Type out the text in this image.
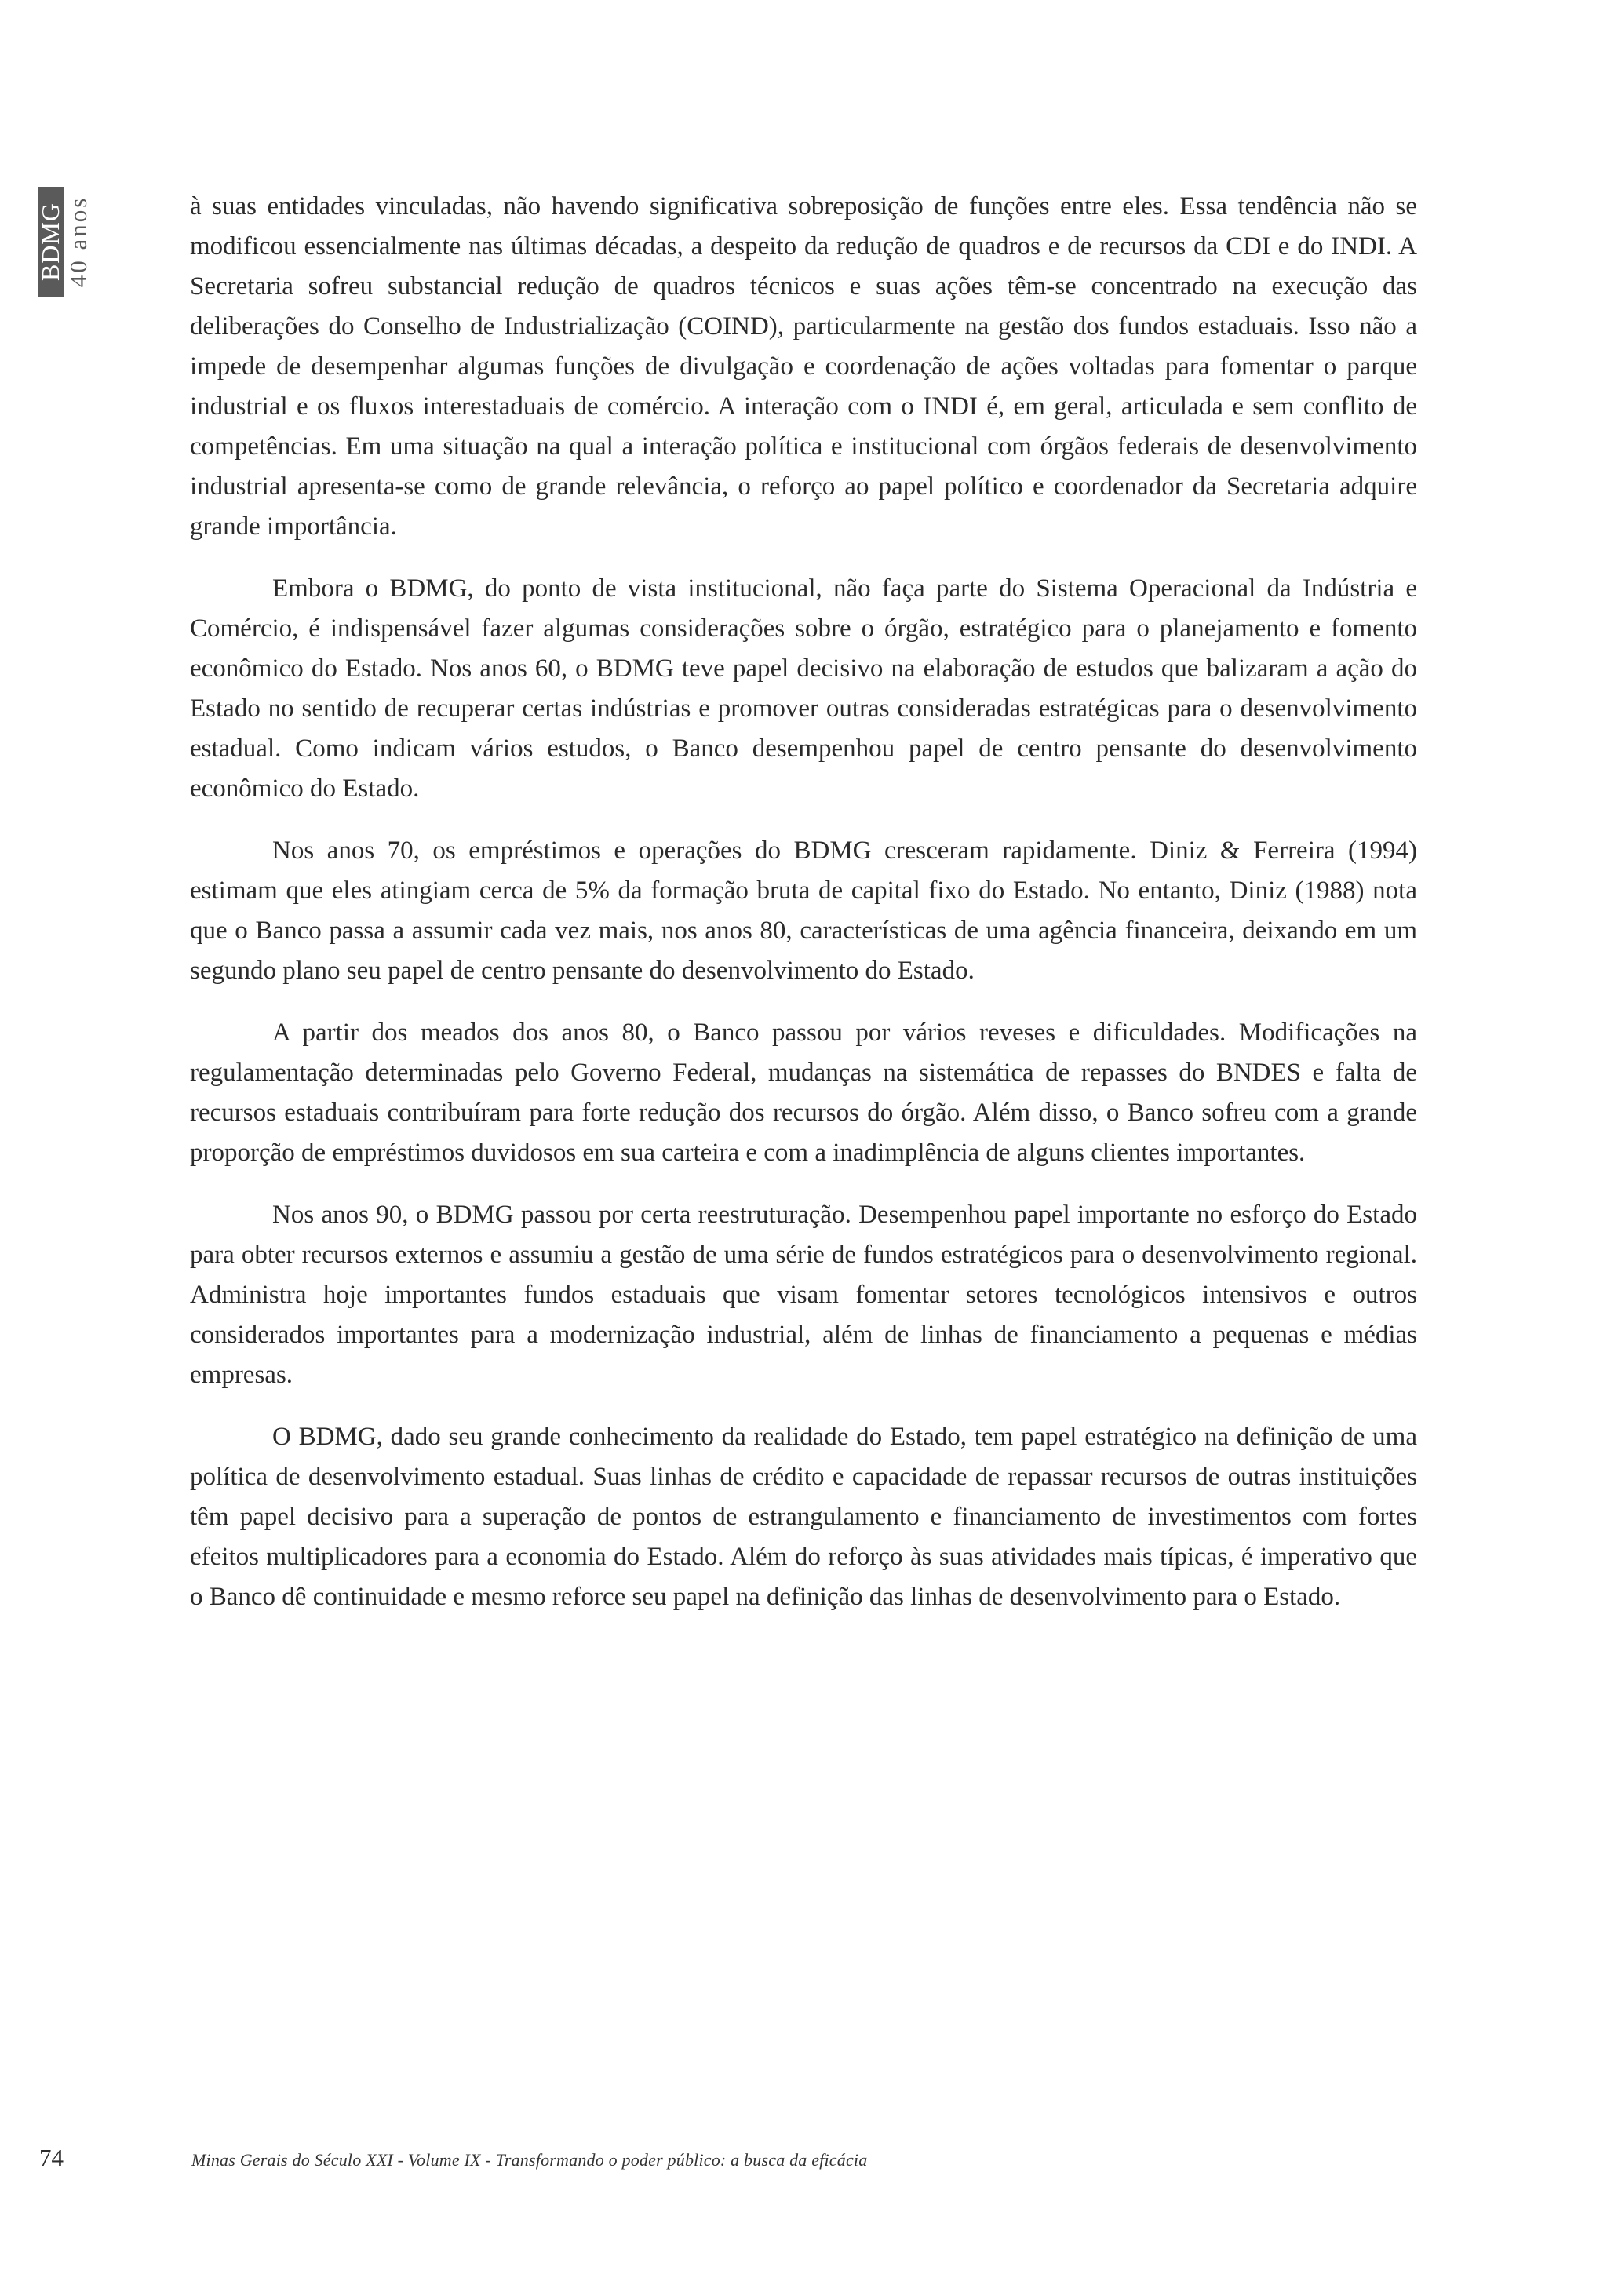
BDMG 40 anos	à suas entidades vinculadas, não havendo significativa sobreposição de funções entre eles. Essa tendência não se modificou essencialmente nas últimas décadas, a despeito da redução de quadros e de recursos da CDI e do INDI. A Secretaria sofreu substancial redução de quadros técnicos e suas ações têm-se concentrado na execução das deliberações do Conselho de Industrialização (COIND), particularmente na gestão dos fundos estaduais. Isso não a impede de desempenhar algumas funções de divulgação e coordenação de ações voltadas para fomentar o parque industrial e os fluxos interestaduais de comércio. A interação com o INDI é, em geral, articulada e sem conflito de competências. Em uma situação na qual a interação política e institucional com órgãos federais de desenvolvimento industrial apresenta-se como de grande relevância, o reforço ao papel político e coordenador da Secretaria adquire grande importância.

Embora o BDMG, do ponto de vista institucional, não faça parte do Sistema Operacional da Indústria e Comércio, é indispensável fazer algumas considerações sobre o órgão, estratégico para o planejamento e fomento econômico do Estado. Nos anos 60, o BDMG teve papel decisivo na elaboração de estudos que balizaram a ação do Estado no sentido de recuperar certas indústrias e promover outras consideradas estratégicas para o desenvolvimento estadual. Como indicam vários estudos, o Banco desempenhou papel de centro pensante do desenvolvimento econômico do Estado.

Nos anos 70, os empréstimos e operações do BDMG cresceram rapidamente. Diniz & Ferreira (1994) estimam que eles atingiam cerca de 5% da formação bruta de capital fixo do Estado. No entanto, Diniz (1988) nota que o Banco passa a assumir cada vez mais, nos anos 80, características de uma agência financeira, deixando em um segundo plano seu papel de centro pensante do desenvolvimento do Estado.

A partir dos meados dos anos 80, o Banco passou por vários reveses e dificuldades. Modificações na regulamentação determinadas pelo Governo Federal, mudanças na sistemática de repasses do BNDES e falta de recursos estaduais contribuíram para forte redução dos recursos do órgão. Além disso, o Banco sofreu com a grande proporção de empréstimos duvidosos em sua carteira e com a inadimplência de alguns clientes importantes.

Nos anos 90, o BDMG passou por certa reestruturação. Desempenhou papel importante no esforço do Estado para obter recursos externos e assumiu a gestão de uma série de fundos estratégicos para o desenvolvimento regional. Administra hoje importantes fundos estaduais que visam fomentar setores tecnológicos intensivos e outros considerados importantes para a modernização industrial, além de linhas de financiamento a pequenas e médias empresas.

O BDMG, dado seu grande conhecimento da realidade do Estado, tem papel estratégico na definição de uma política de desenvolvimento estadual. Suas linhas de crédito e capacidade de repassar recursos de outras instituições têm papel decisivo para a superação de pontos de estrangulamento e financiamento de investimentos com fortes efeitos multiplicadores para a economia do Estado. Além do reforço às suas atividades mais típicas, é imperativo que o Banco dê continuidade e mesmo reforce seu papel na definição das linhas de desenvolvimento para o Estado.

74	Minas Gerais do Século XXI - Volume IX - Transformando o poder público: a busca da eficácia
